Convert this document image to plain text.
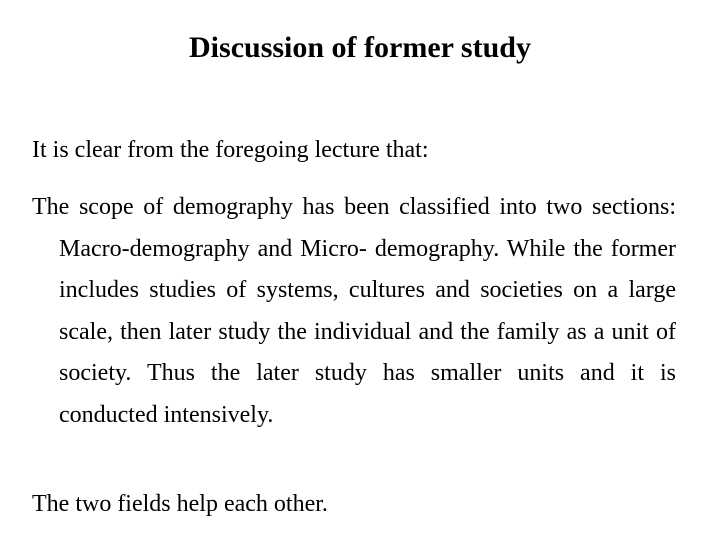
Discussion of former study

It is clear from the foregoing lecture that:

The scope of demography has been classified into two sections: Macro-demography and Micro- demography. While the former includes studies of systems, cultures and societies on a large scale, then later study the individual and the family as a unit of society. Thus the later study has smaller units and it is conducted intensively.

The two fields help each other.
